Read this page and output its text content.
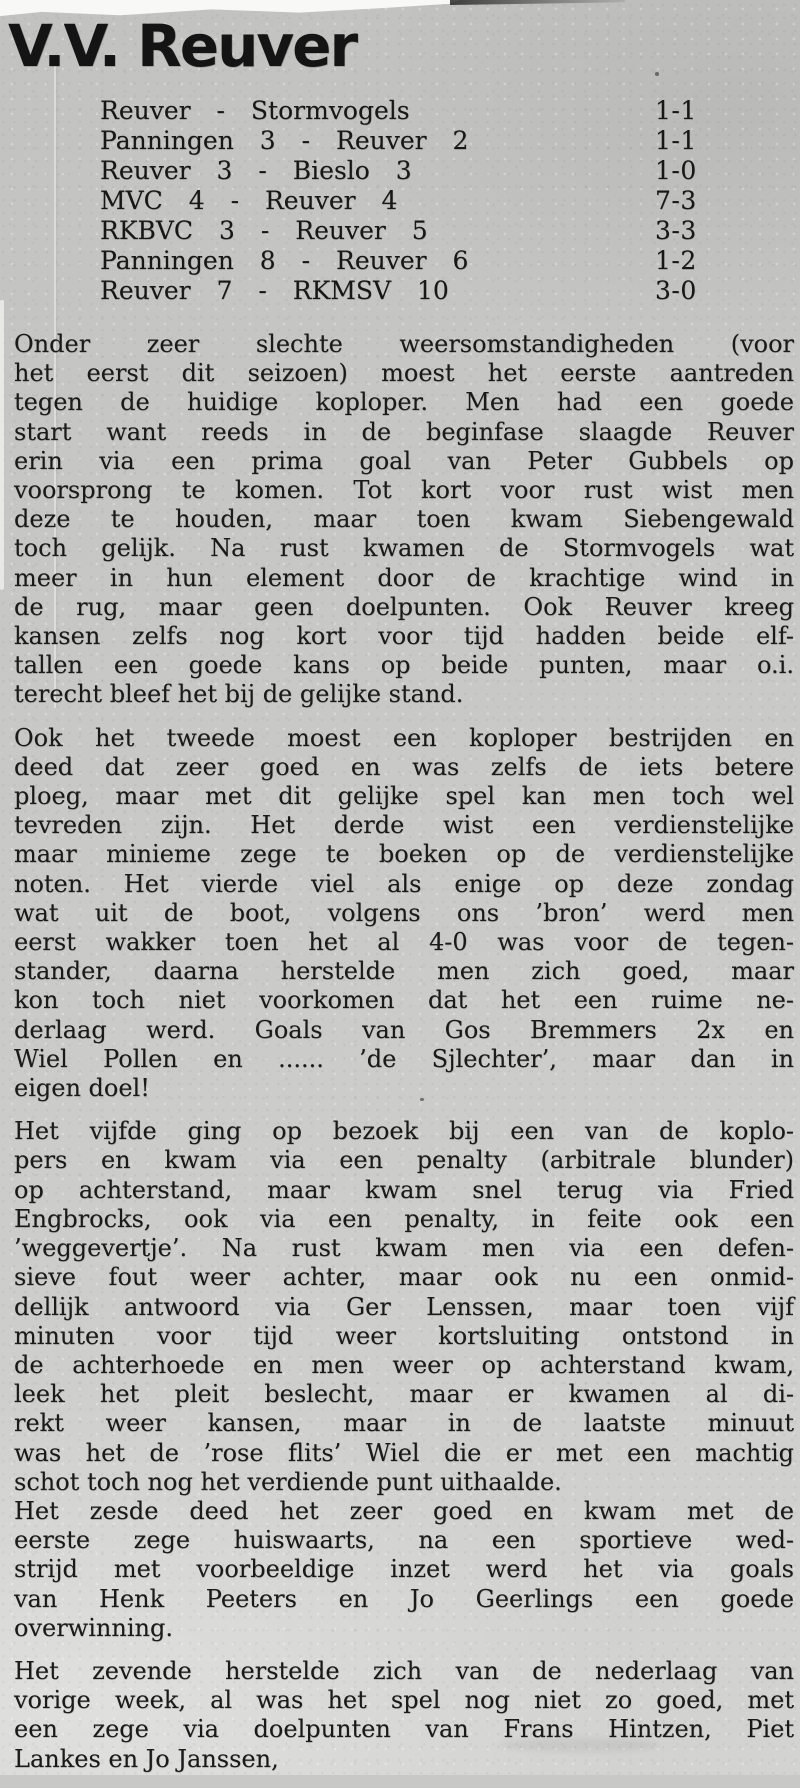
V.V. Reuver
Reuver - Stormvogels	1-1
Panningen 3 - Reuver 2	1-1
Reuver 3 - Bieslo 3	1-0
MVC 4 - Reuver 4	7-3
RKBVC 3 - Reuver 5	3-3
Panningen 8 - Reuver 6	1-2
Reuver 7 - RKMSV 10	3-0
Onder zeer slechte weersomstandigheden (voor
het eerst dit seizoen) moest het eerste aantreden
tegen de huidige koploper. Men had een goede
start want reeds in de beginfase slaagde Reuver
erin via een prima goal van Peter Gubbels op
voorsprong te komen. Tot kort voor rust wist men
deze te houden, maar toen kwam Siebengewald
toch gelijk. Na rust kwamen de Stormvogels wat
meer in hun element door de krachtige wind in
de rug, maar geen doelpunten. Ook Reuver kreeg
kansen zelfs nog kort voor tijd hadden beide elf-
tallen een goede kans op beide punten, maar o.i.
terecht bleef het bij de gelijke stand.
Ook het tweede moest een koploper bestrijden en
deed dat zeer goed en was zelfs de iets betere
ploeg, maar met dit gelijke spel kan men toch wel
tevreden zijn. Het derde wist een verdienstelijke
maar minieme zege te boeken op de verdienstelijke
noten. Het vierde viel als enige op deze zondag
wat uit de boot, volgens ons ’bron’ werd men
eerst wakker toen het al 4-0 was voor de tegen-
stander, daarna herstelde men zich goed, maar
kon toch niet voorkomen dat het een ruime ne-
derlaag werd. Goals van Gos Bremmers 2x en
Wiel Pollen en ...... ’de Sjlechter’, maar dan in
eigen doel!
Het vijfde ging op bezoek bij een van de koplo-
pers en kwam via een penalty (arbitrale blunder)
op achterstand, maar kwam snel terug via Fried
Engbrocks, ook via een penalty, in feite ook een
’weggevertje’. Na rust kwam men via een defen-
sieve fout weer achter, maar ook nu een onmid-
dellijk antwoord via Ger Lenssen, maar toen vijf
minuten voor tijd weer kortsluiting ontstond in
de achterhoede en men weer op achterstand kwam,
leek het pleit beslecht, maar er kwamen al di-
rekt weer kansen, maar in de laatste minuut
was het de ’rose flits’ Wiel die er met een machtig
schot toch nog het verdiende punt uithaalde.
Het zesde deed het zeer goed en kwam met de
eerste zege huiswaarts, na een sportieve wed-
strijd met voorbeeldige inzet werd het via goals
van Henk Peeters en Jo Geerlings een goede
overwinning.
Het zevende herstelde zich van de nederlaag van
vorige week, al was het spel nog niet zo goed, met
een zege via doelpunten van Frans Hintzen, Piet
Lankes en Jo Janssen,
